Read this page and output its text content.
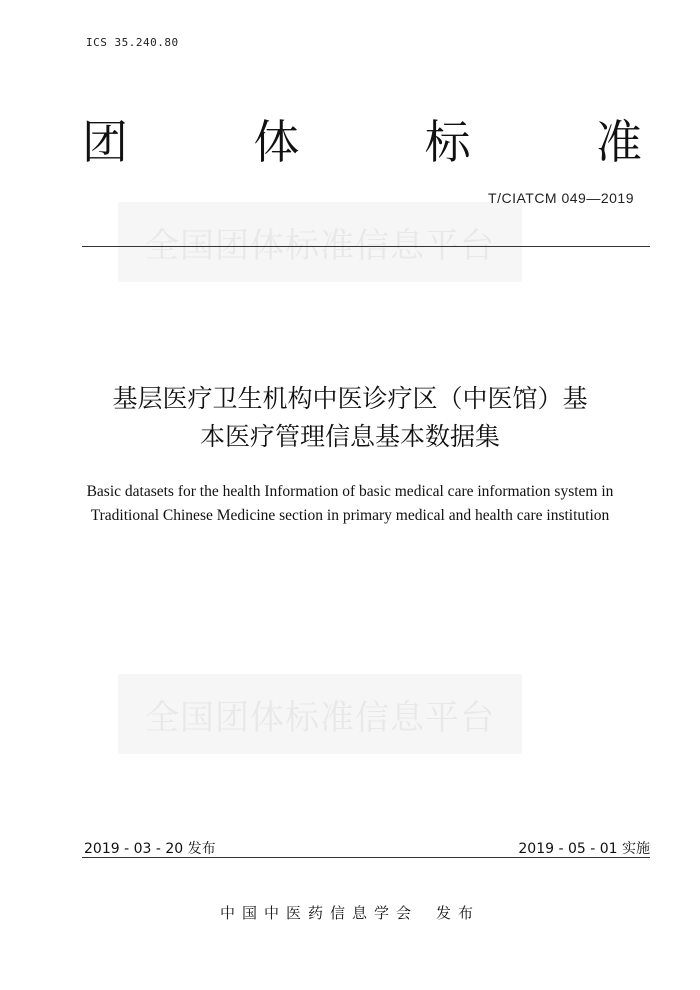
ICS 35.240.80
团	体	标	准
全国团体标准信息平台
T/CIATCM 049—2019
基层医疗卫生机构中医诊疗区（中医馆）基
本医疗管理信息基本数据集
Basic datasets for the health Information of basic medical care information system in
Traditional Chinese Medicine section in primary medical and health care institution
全国团体标准信息平台
2019 - 03 - 20 发布	2019 - 05 - 01 实施
中国中医药信息学会 发布
